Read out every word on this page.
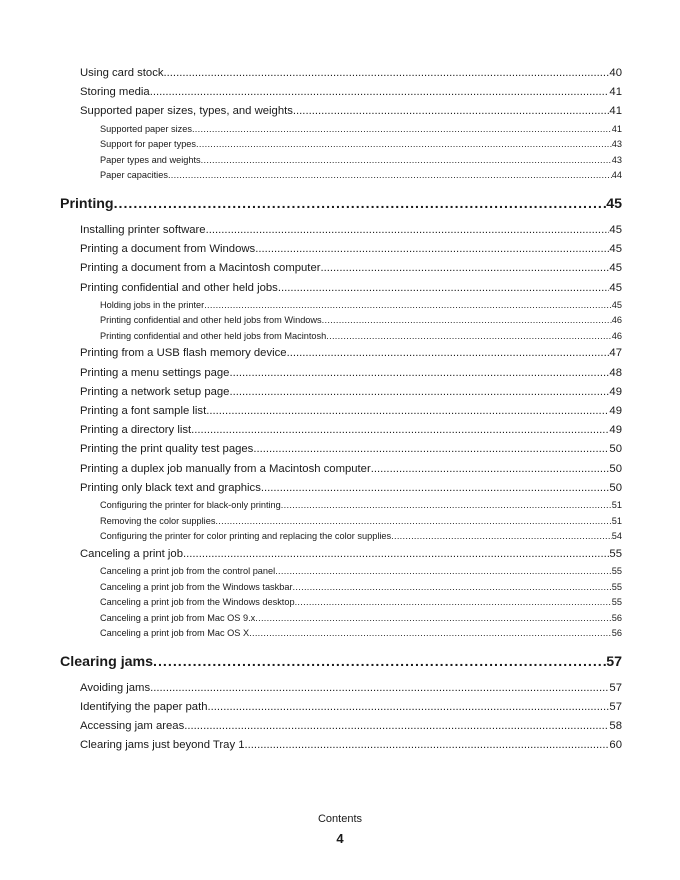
Using card stock .....	40
Storing media .....	41
Supported paper sizes, types, and weights .....	41
Supported paper sizes .....	41
Support for paper types .....	43
Paper types and weights .....	43
Paper capacities .....	44
Printing .....	45
Installing printer software .....	45
Printing a document from Windows .....	45
Printing a document from a Macintosh computer .....	45
Printing confidential and other held jobs .....	45
Holding jobs in the printer .....	45
Printing confidential and other held jobs from Windows .....	46
Printing confidential and other held jobs from Macintosh .....	46
Printing from a USB flash memory device .....	47
Printing a menu settings page .....	48
Printing a network setup page .....	49
Printing a font sample list .....	49
Printing a directory list .....	49
Printing the print quality test pages .....	50
Printing a duplex job manually from a Macintosh computer .....	50
Printing only black text and graphics .....	50
Configuring the printer for black-only printing .....	51
Removing the color supplies .....	51
Configuring the printer for color printing and replacing the color supplies .....	54
Canceling a print job .....	55
Canceling a print job from the control panel .....	55
Canceling a print job from the Windows taskbar .....	55
Canceling a print job from the Windows desktop .....	55
Canceling a print job from Mac OS 9.x .....	56
Canceling a print job from Mac OS X .....	56
Clearing jams .....	57
Avoiding jams .....	57
Identifying the paper path .....	57
Accessing jam areas .....	58
Clearing jams just beyond Tray 1 .....	60
Contents
4
